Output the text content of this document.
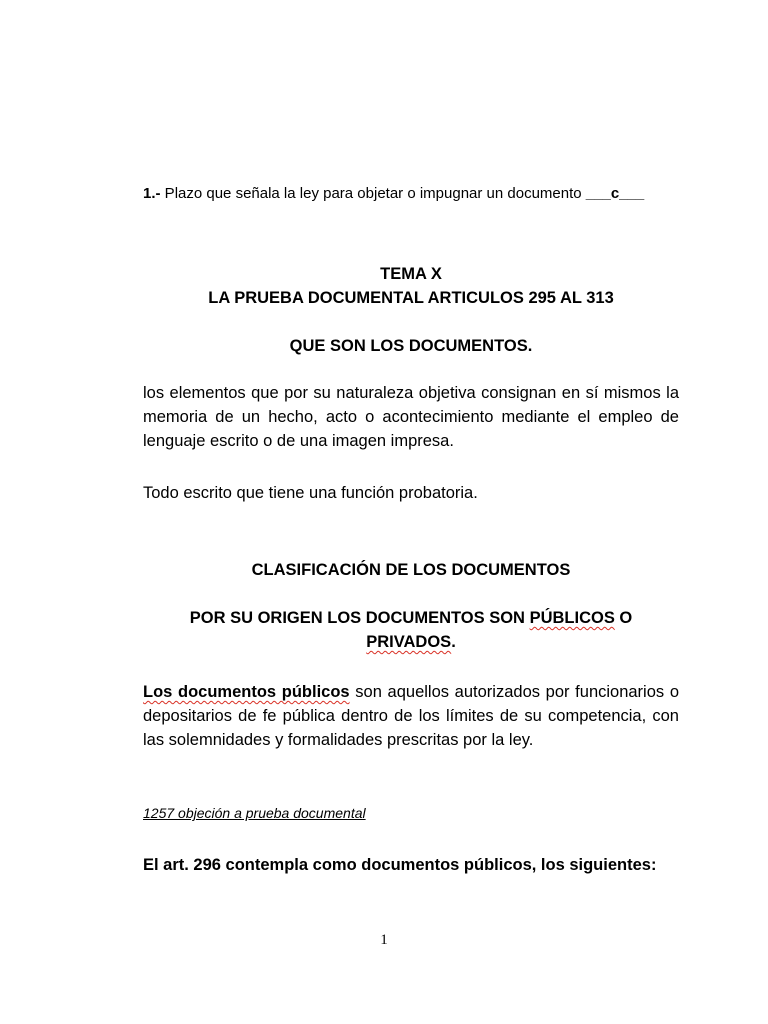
1.- Plazo que señala la ley para objetar o impugnar un documento ___c___
TEMA X
LA PRUEBA DOCUMENTAL ARTICULOS 295 AL 313
QUE SON LOS DOCUMENTOS.
los elementos que por su naturaleza objetiva consignan en sí mismos la memoria de un hecho, acto o acontecimiento mediante el empleo de lenguaje escrito o de una imagen impresa.
Todo escrito que tiene una función probatoria.
CLASIFICACIÓN DE LOS DOCUMENTOS
POR SU ORIGEN LOS DOCUMENTOS SON PÚBLICOS O PRIVADOS.
Los documentos públicos son aquellos autorizados por funcionarios o depositarios de fe pública dentro de los límites de su competencia, con las solemnidades y formalidades prescritas por la ley.
1257 objeción a prueba documental
El art. 296 contempla como documentos públicos, los siguientes:
1
